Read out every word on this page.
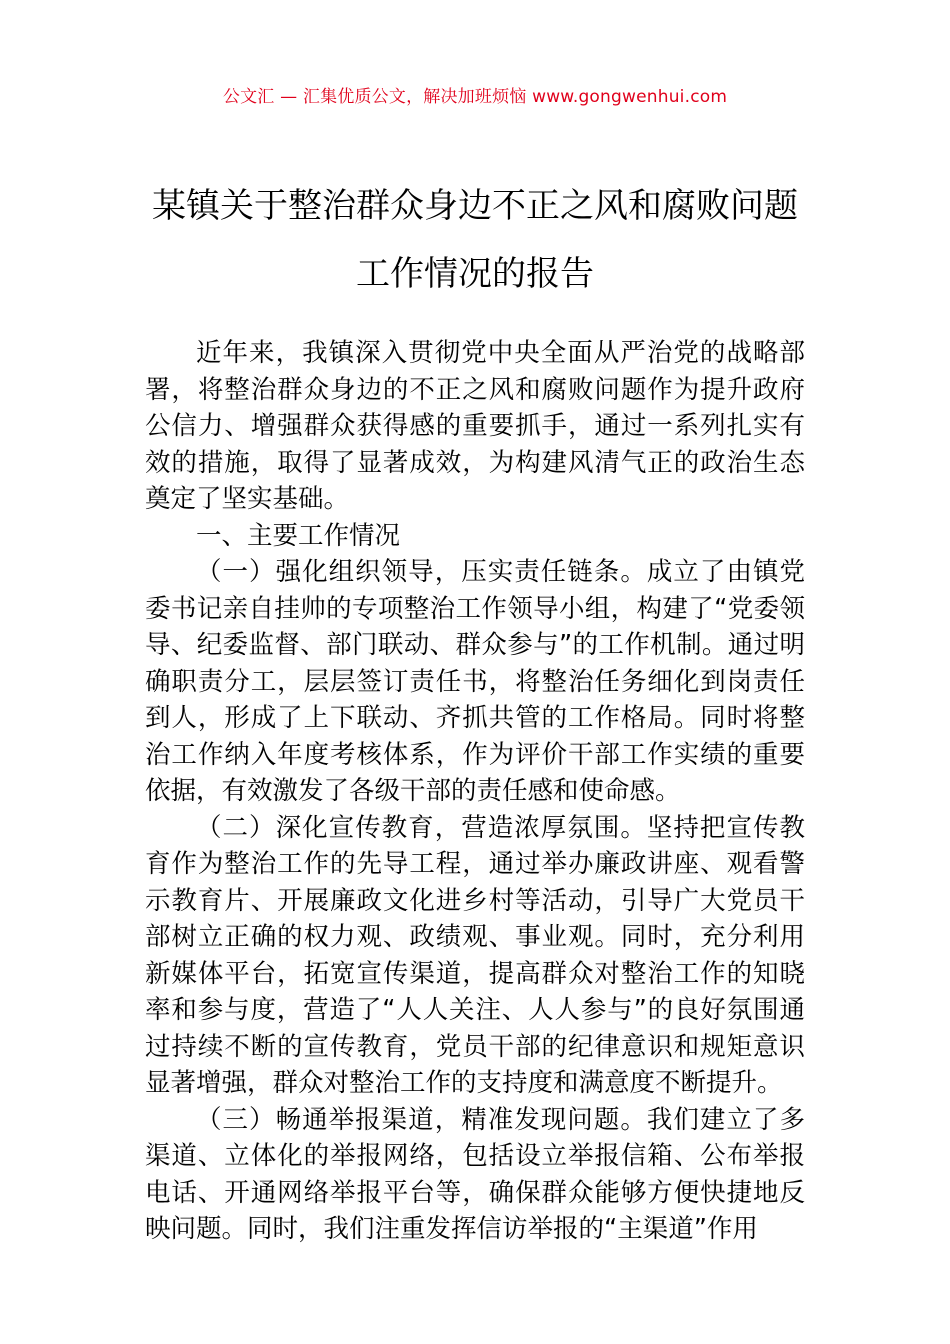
公文汇 — 汇集优质公文，解决加班烦恼 www.gongwenhui.com
某镇关于整治群众身边不正之风和腐败问题工作情况的报告

近年来，我镇深入贯彻党中央全面从严治党的战略部署，将整治群众身边的不正之风和腐败问题作为提升政府公信力、增强群众获得感的重要抓手，通过一系列扎实有效的措施，取得了显著成效，为构建风清气正的政治生态奠定了坚实基础。

一、主要工作情况

（一）强化组织领导，压实责任链条。成立了由镇党委书记亲自挂帅的专项整治工作领导小组，构建了“党委领导、纪委监督、部门联动、群众参与”的工作机制。通过明确职责分工，层层签订责任书，将整治任务细化到岗责任到人，形成了上下联动、齐抓共管的工作格局。同时将整治工作纳入年度考核体系，作为评价干部工作实绩的重要依据，有效激发了各级干部的责任感和使命感。

（二）深化宣传教育，营造浓厚氛围。坚持把宣传教育作为整治工作的先导工程，通过举办廉政讲座、观看警示教育片、开展廉政文化进乡村等活动，引导广大党员干部树立正确的权力观、政绩观、事业观。同时，充分利用新媒体平台，拓宽宣传渠道，提高群众对整治工作的知晓率和参与度，营造了“人人关注、人人参与”的良好氛围通过持续不断的宣传教育，党员干部的纪律意识和规矩意识显著增强，群众对整治工作的支持度和满意度不断提升。

（三）畅通举报渠道，精准发现问题。我们建立了多渠道、立体化的举报网络，包括设立举报信箱、公布举报电话、开通网络举报平台等，确保群众能够方便快捷地反映问题。同时，我们注重发挥信访举报的“主渠道”作用
